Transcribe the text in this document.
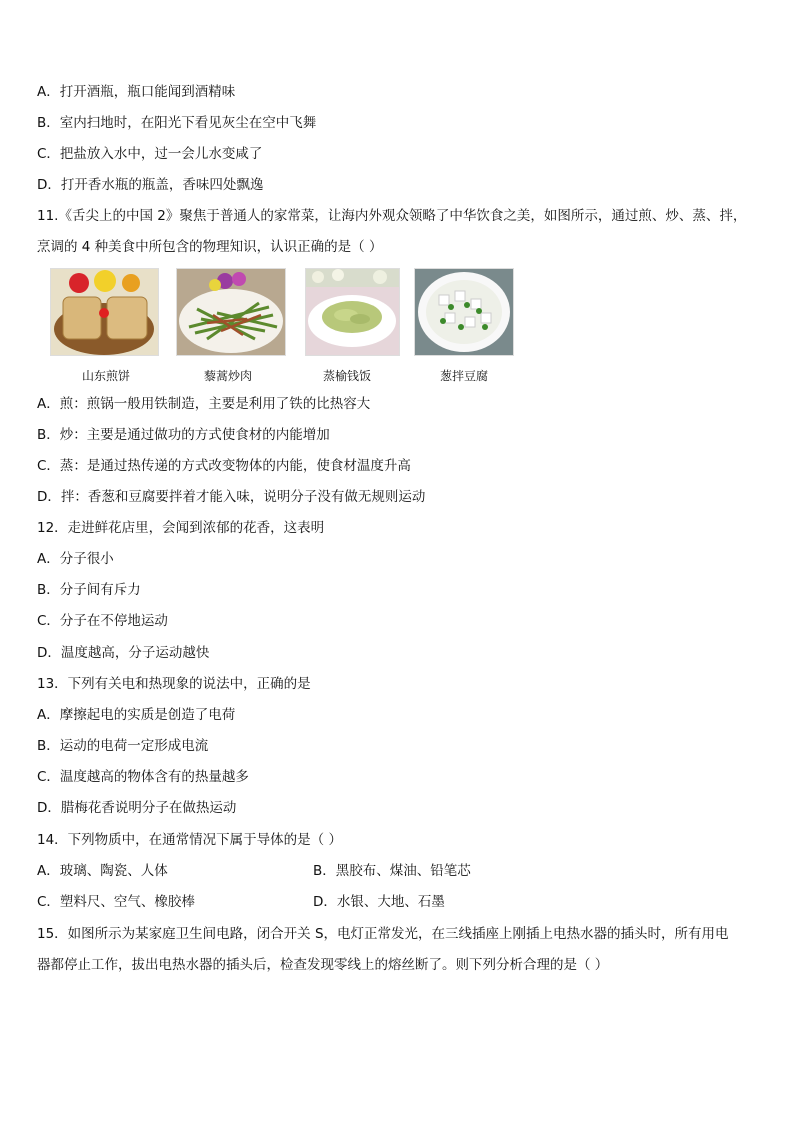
A．打开酒瓶，瓶口能闻到酒精味
B．室内扫地时，在阳光下看见灰尘在空中飞舞
C．把盐放入水中，过一会儿水变咸了
D．打开香水瓶的瓶盖，香味四处飘逸
11.《舌尖上的中国 2》聚焦于普通人的家常菜，让海内外观众领略了中华饮食之美，如图所示，通过煎、炒、蒸、拌，
烹调的 4 种美食中所包含的物理知识，认识正确的是（ ）
山东煎饼	藜蒿炒肉	蒸榆钱饭	葱拌豆腐
A．煎：煎锅一般用铁制造，主要是利用了铁的比热容大
B．炒：主要是通过做功的方式使食材的内能增加
C．蒸：是通过热传递的方式改变物体的内能，使食材温度升高
D．拌：香葱和豆腐要拌着才能入味，说明分子没有做无规则运动
12．走进鲜花店里，会闻到浓郁的花香，这表明
A．分子很小
B．分子间有斥力
C．分子在不停地运动
D．温度越高，分子运动越快
13．下列有关电和热现象的说法中，正确的是
A．摩擦起电的实质是创造了电荷
B．运动的电荷一定形成电流
C．温度越高的物体含有的热量越多
D．腊梅花香说明分子在做热运动
14．下列物质中，在通常情况下属于导体的是（ ）
A．玻璃、陶瓷、人体	B．黑胶布、煤油、铅笔芯
C．塑料尺、空气、橡胶棒	D．水银、大地、石墨
15．如图所示为某家庭卫生间电路，闭合开关 S，电灯正常发光，在三线插座上刚插上电热水器的插头时，所有用电
器都停止工作，拔出电热水器的插头后，检查发现零线上的熔丝断了。则下列分析合理的是（ ）
